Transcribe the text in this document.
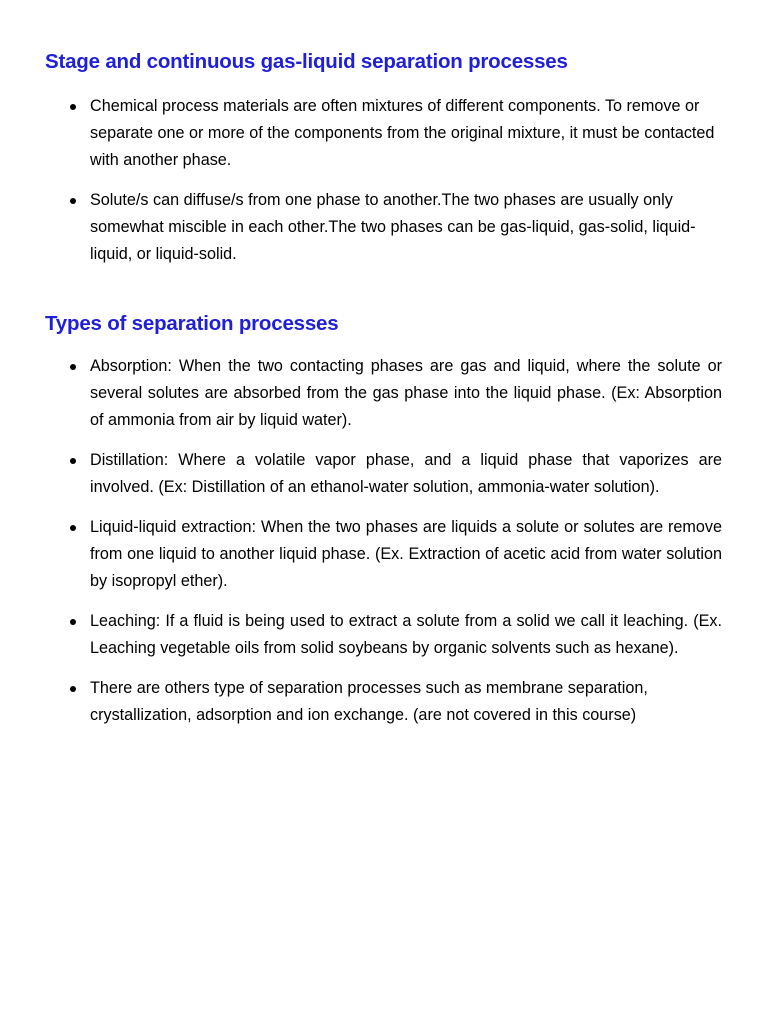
Stage and continuous gas-liquid separation processes
Chemical process materials are often mixtures of different components. To remove or separate one or more of the components from the original mixture, it must be contacted with another phase.
Solute/s can diffuse/s from one phase to another.The two phases are usually only somewhat miscible in each other.The two phases can be gas-liquid, gas-solid, liquid-liquid, or liquid-solid.
Types of separation processes
Absorption: When the two contacting phases are gas and liquid, where the solute or several solutes are absorbed from the gas phase into the liquid phase. (Ex: Absorption of ammonia from air by liquid water).
Distillation: Where a volatile vapor phase, and a liquid phase that vaporizes are involved. (Ex: Distillation of an ethanol-water solution, ammonia-water solution).
Liquid-liquid extraction: When the two phases are liquids a solute or solutes are remove from one liquid to another liquid phase. (Ex. Extraction of acetic acid from water solution by isopropyl ether).
Leaching: If a fluid is being used to extract a solute from a solid we call it leaching. (Ex. Leaching vegetable oils from solid soybeans by organic solvents such as hexane).
There are others type of separation processes such as membrane separation, crystallization, adsorption and ion exchange. (are not covered in this course)
